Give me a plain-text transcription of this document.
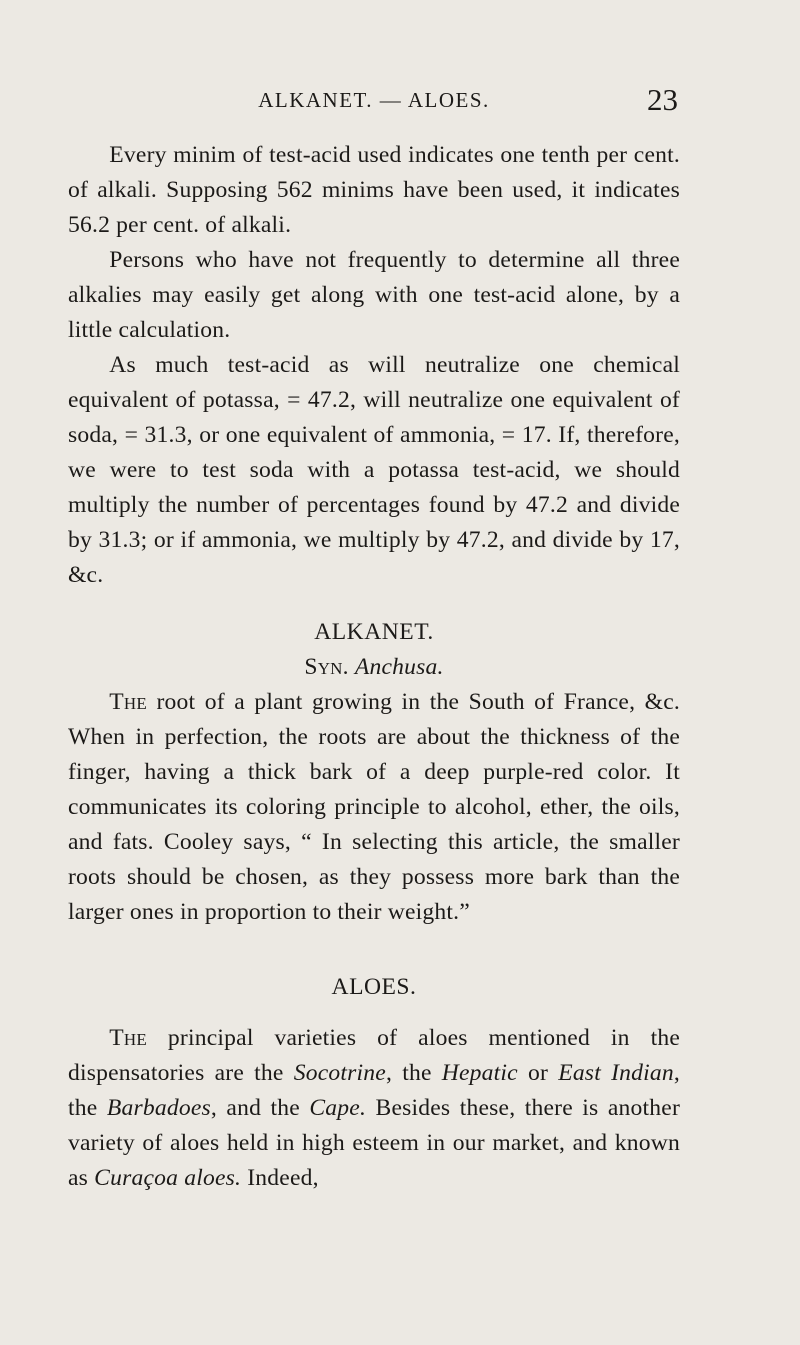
ALKANET. — ALOES.	23

Every minim of test-acid used indicates one tenth per cent. of alkali. Supposing 562 minims have been used, it indicates 56.2 per cent. of alkali.

Persons who have not frequently to determine all three alkalies may easily get along with one test-acid alone, by a little calculation.

As much test-acid as will neutralize one chemical equivalent of potassa, = 47.2, will neutralize one equivalent of soda, = 31.3, or one equivalent of ammonia, = 17. If, therefore, we were to test soda with a potassa test-acid, we should multiply the number of percentages found by 47.2 and divide by 31.3; or if ammonia, we multiply by 47.2, and divide by 17, &c.

ALKANET.

Syn. Anchusa.

The root of a plant growing in the South of France, &c. When in perfection, the roots are about the thickness of the finger, having a thick bark of a deep purple-red color. It communicates its coloring principle to alcohol, ether, the oils, and fats. Cooley says, “ In selecting this article, the smaller roots should be chosen, as they possess more bark than the larger ones in proportion to their weight.”

ALOES.

The principal varieties of aloes mentioned in the dispensatories are the Socotrine, the Hepatic or East Indian, the Barbadoes, and the Cape. Besides these, there is another variety of aloes held in high esteem in our market, and known as Curaçoa aloes. Indeed,
